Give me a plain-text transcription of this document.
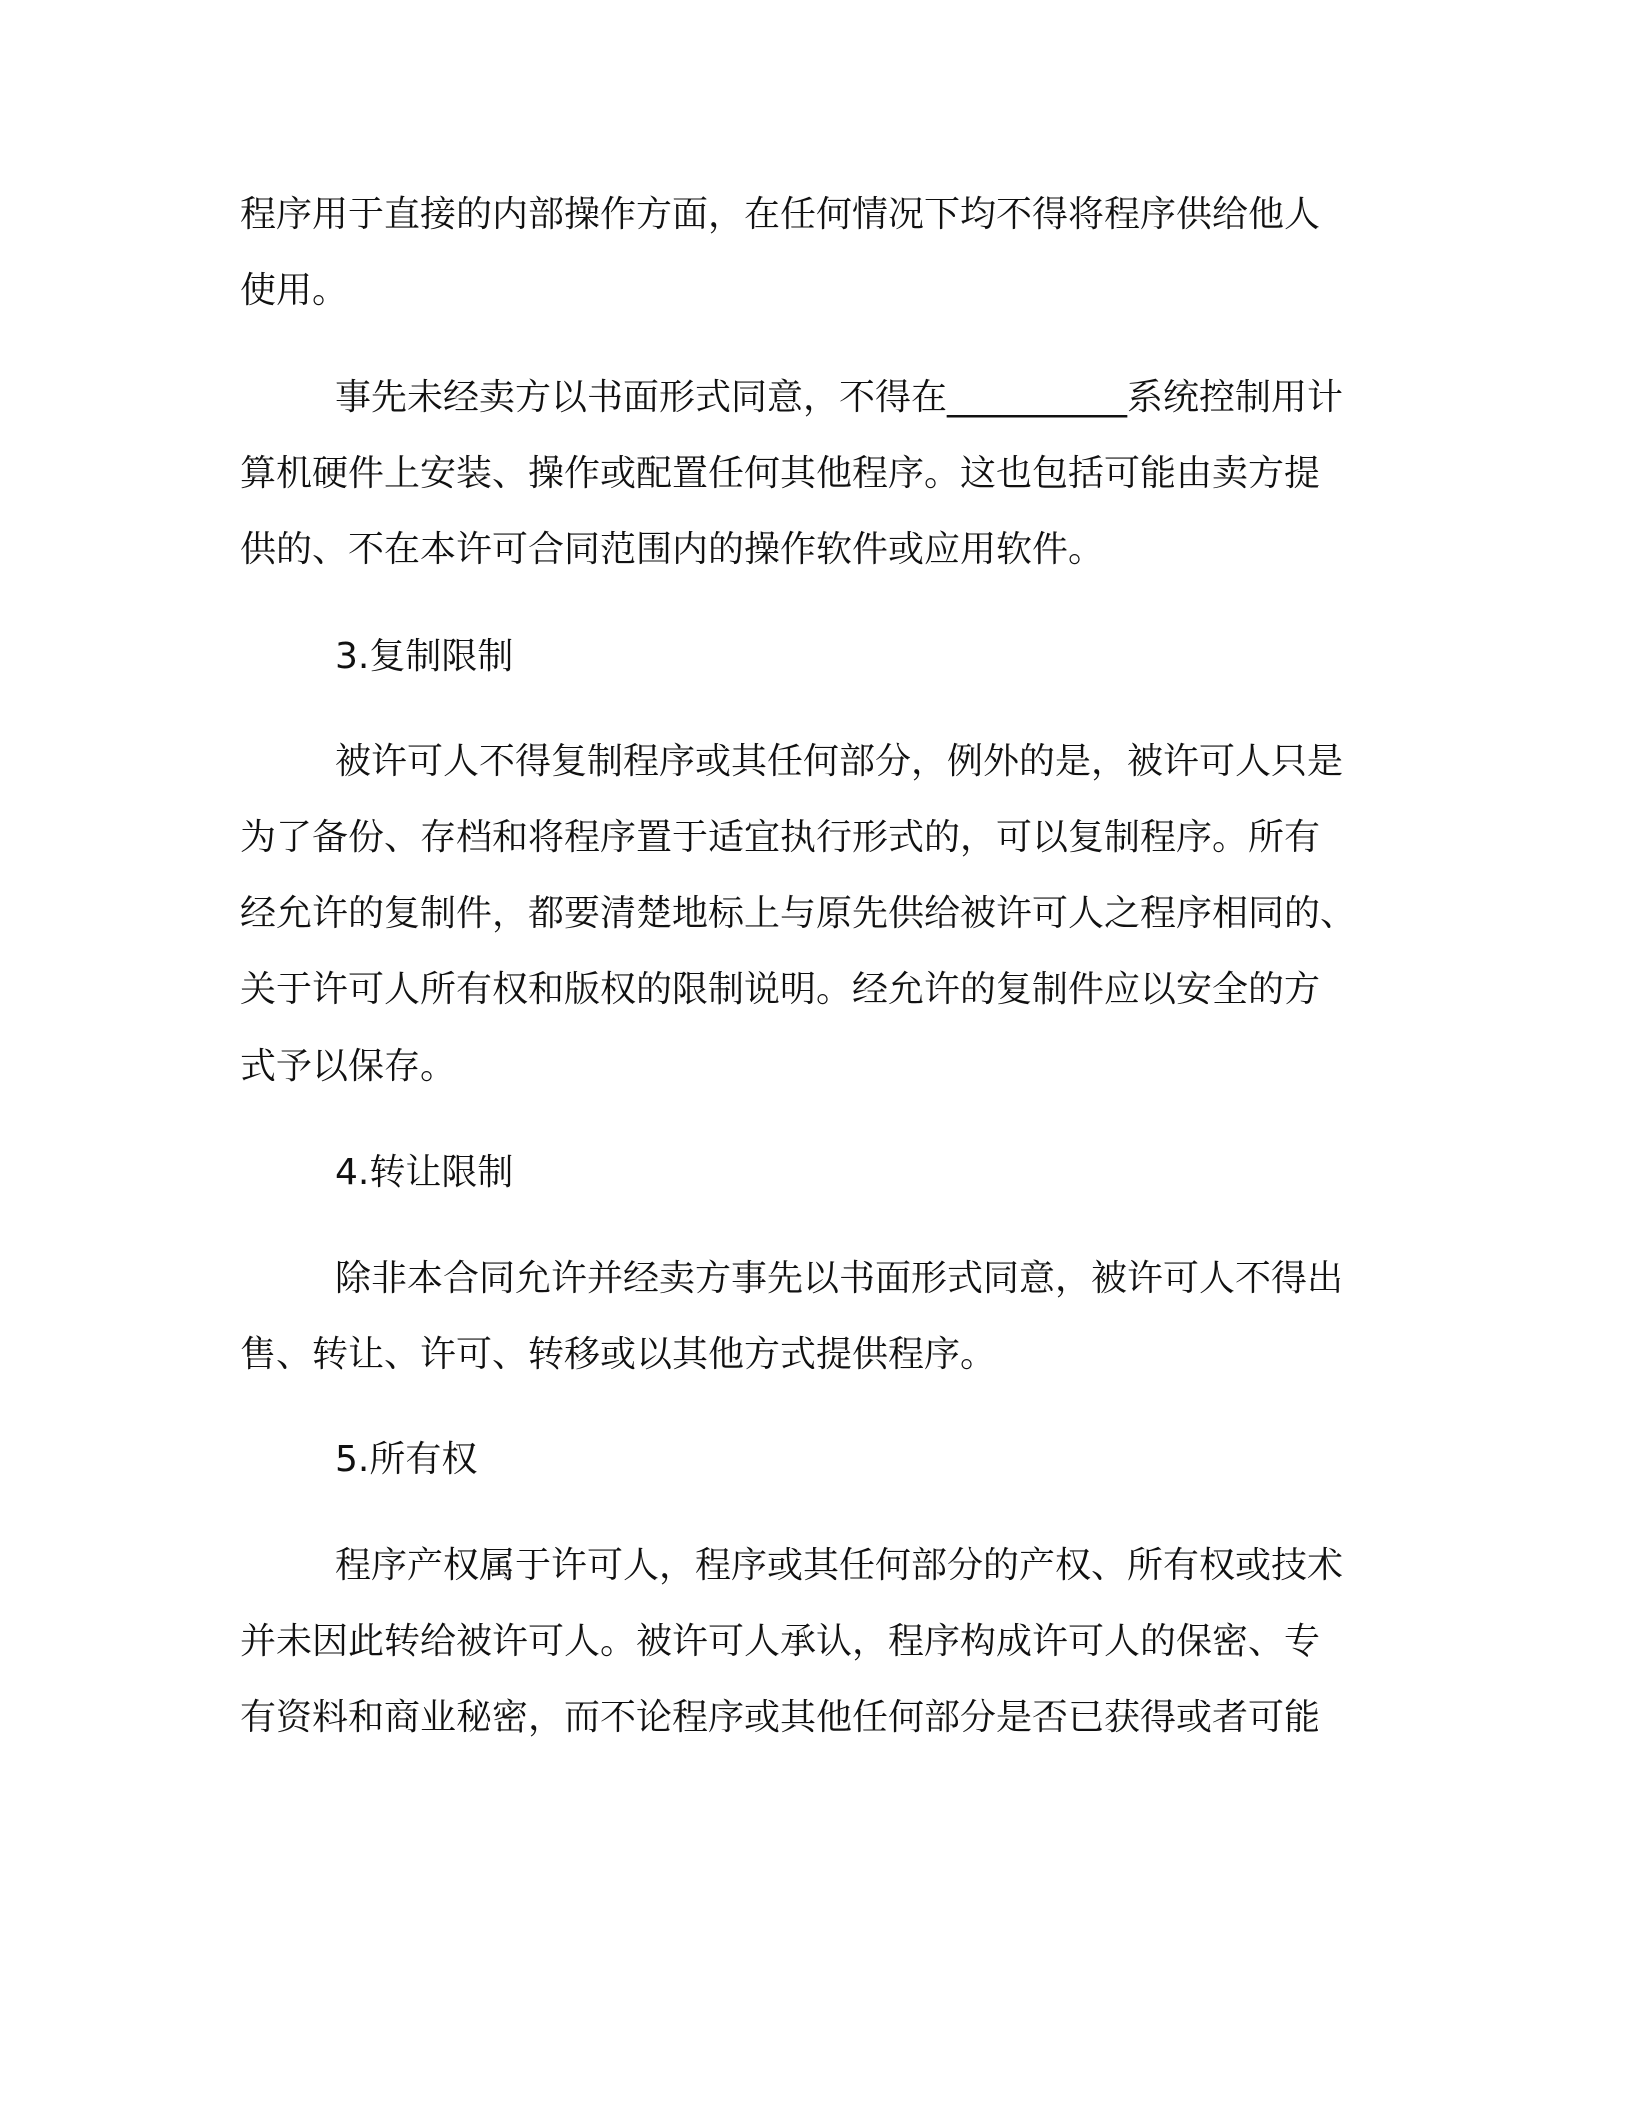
程序用于直接的内部操作方面，在任何情况下均不得将程序供给他人
使用。
事先未经卖方以书面形式同意，不得在__________系统控制用计
算机硬件上安装、操作或配置任何其他程序。这也包括可能由卖方提
供的、不在本许可合同范围内的操作软件或应用软件。
3.复制限制
被许可人不得复制程序或其任何部分，例外的是，被许可人只是
为了备份、存档和将程序置于适宜执行形式的，可以复制程序。所有
经允许的复制件，都要清楚地标上与原先供给被许可人之程序相同的、
关于许可人所有权和版权的限制说明。经允许的复制件应以安全的方
式予以保存。
4.转让限制
除非本合同允许并经卖方事先以书面形式同意，被许可人不得出
售、转让、许可、转移或以其他方式提供程序。
5.所有权
程序产权属于许可人，程序或其任何部分的产权、所有权或技术
并未因此转给被许可人。被许可人承认，程序构成许可人的保密、专
有资料和商业秘密，而不论程序或其他任何部分是否已获得或者可能
